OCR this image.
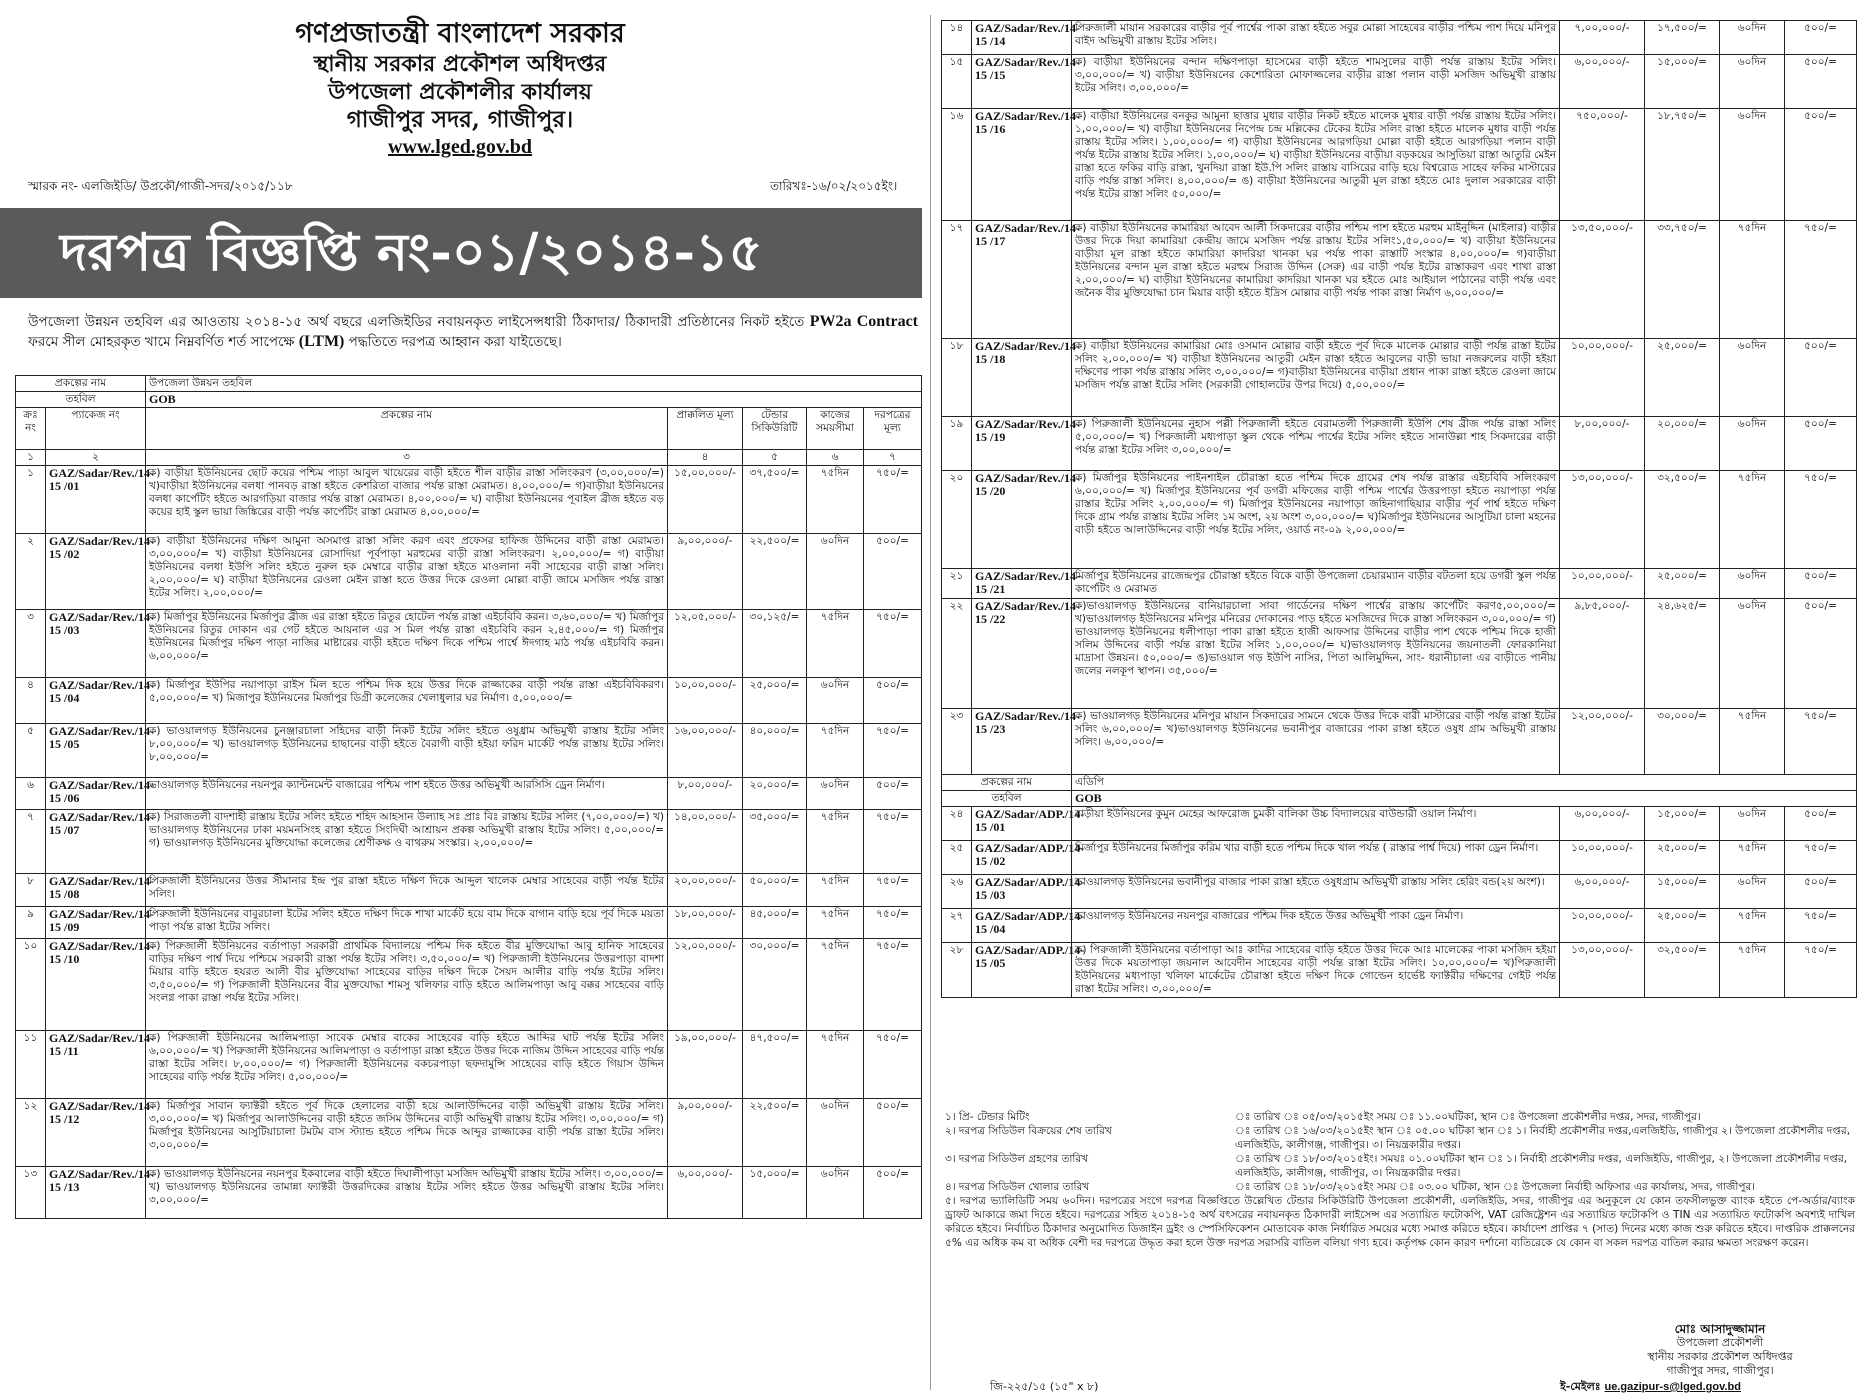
গণপ্রজাতন্ত্রী বাংলাদেশ সরকার
স্থানীয় সরকার প্রকৌশল অধিদপ্তর
উপজেলা প্রকৌশলীর কার্যালয়
গাজীপুর সদর, গাজীপুর।
www.lged.gov.bd
স্মারক নং- এলজিইডি/ উপ্রকৌ/গাজী-সদর/২০১৫/১১৮	তারিখঃ-১৬/০২/২০১৫ইং।
দরপত্র বিজ্ঞপ্তি নং-০১/২০১৪-১৫
উপজেলা উন্নয়ন তহবিল এর আওতায় ২০১৪-১৫ অর্থ বছরে এলজিইডির নবায়নকৃত লাইসেন্সধারী ঠিকাদার/ ঠিকাদারী প্রতিষ্ঠানের নিকট হইতে PW2a Contract ফরমে সীল মোহরকৃত খামে নিম্নবর্ণিত শর্ত সাপেক্ষে (LTM) পদ্ধতিতে দরপত্র আহ্বান করা যাইতেছে।
প্রকল্পের নাম		উপজেলা উন্নয়ন তহবিল				
তহবিল		GOB				
ক্রঃ নং	প্যাকেজ নং	প্রকল্পের নাম	প্রাক্কলিত মূল্য	টেন্ডার সিকিউরিটি	কাজের সময়সীমা	দরপত্রের মূল্য
১	২	৩	৪	৫	৬	৭
১	GAZ/Sadar/Rev./14-15 /01	ক) বাড়ীয়া ইউনিয়নের ছোট কয়ের পশ্চিম পাড়া আবুল খায়েরের বাড়ী হইতে শীল বাড়ীর রাস্তা সলিংকরণ (৩,০০,০০০/=) খ)বাড়ীয়া ইউনিয়নের বলধা পানবড় রাস্তা হইতে কেশরিতা বাজার পর্যন্ত রাস্তা মেরামত। ৪,০০,০০০/= গ)বাড়ীয়া ইউনিয়নের বলধা কার্পেটিং হইতে আরগড়িয়া বাজার পর্যন্ত রাস্তা মেরামত। ৪,০০,০০০/= ঘ) বাড়ীয়া ইউনিয়নের পূবাইল ব্রীজ হইতে বড় কয়ের হাই স্কুল ভায়া জিঙ্কিরের বাড়ী পর্যন্ত কার্পেটিং রাস্তা মেরামত ৪,০০,০০০/=	১৫,০০,০০০/-	৩৭,৫০০/=	৭৫দিন	৭৫০/=
২	GAZ/Sadar/Rev./14-15 /02	ক) বাড়ীয়া ইউনিয়নের দক্ষিণ আমুনা অসমাপ্ত রাস্তা সলিং করণ এবং প্রফেসর হাফিজ উদ্দিনের বাড়ী রাস্তা মেরামত। ৩,০০,০০০/= খ) বাড়ীয়া ইউনিয়নের রোসাদিয়া পূর্বপাড়া মরহুমের বাড়ী রাস্তা সলিংকরণ। ২,০০,০০০/= গ) বাড়ীয়া ইউনিয়নের বলধা ইউপি সলিং হইতে নুরুল হক মেম্বারে বাড়ীর রাস্তা হইতে মাওলানা নবী সাহেবের বাড়ী রাস্তা সলিং। ২,০০,০০০/= ঘ) বাড়ীয়া ইউনিয়নের রেওলা মেইন রাস্তা হতে উত্তর দিকে রেওলা মোল্লা বাড়ী জামে মসজিদ পর্যন্ত রাস্তা ইটের সলিং। ২,০০,০০০/=	৯,০০,০০০/-	২২,৫০০/=	৬০দিন	৫০০/=
৩	GAZ/Sadar/Rev./14-15 /03	ক) মির্জাপুর ইউনিয়নের মির্জাপুর ব্রীজ এর রাস্তা হইতে রিতুর হোটেল পর্যন্ত রাস্তা এইচবিবি করন। ৩,৬০,০০০/= খ) মির্জাপুর ইউনিয়নের রিতুর দোকান এর গেট হইতে আয়নাল এর স মিল পর্যন্ত রাস্তা এইচবিবি করন ২,৪৫,০০০/= গ) মির্জাপুর ইউনিয়নের মির্জাপুর দক্ষিণ পাড়া নাজির মাষ্টারের বাড়ী হইতে দক্ষিণ দিকে পশ্চিম পার্শ্বে ঈদগাহ মাঠ পর্যন্ত এইচবিবি করন। ৬,০০,০০০/=	১২,০৫,০০০/-	৩০,১২৫/=	৭৫দিন	৭৫০/=
৪	GAZ/Sadar/Rev./14-15 /04	ক) মির্জাপুর ইউপির নয়াপাড়া রাইস মিল হতে পশ্চিম দিক হয়ে উত্তর দিকে রাজ্জাকের বাড়ী পর্যন্ত রাস্তা এইচবিবিকরণ। ৫,০০,০০০/= খ) মিজাপুর ইউনিয়নের মির্জাপুর ডিগ্রী কলেজের খেলাধুলার ঘর নির্মাণ। ৫,০০,০০০/=	১০,০০,০০০/-	২৫,০০০/=	৬০দিন	৫০০/=
৫	GAZ/Sadar/Rev./14-15 /05	ক) ভাওয়ালগড় ইউনিয়নের চুনঞ্জারচালা সহিদের বাড়ী নিকট ইটের সলিং হইতে ওষুধ্রাম অভিমুখী রাস্তায় ইটের সলিং ৮,০০,০০০/= খ) ভাওয়ালগড় ইউনিয়নের হাছানের বাড়ী হইতে বৈরাগী বাড়ী হইয়া ফরিদ মার্কেট পর্যন্ত রাস্তায় ইটের সলিং। ৮,০০,০০০/=	১৬,০০,০০০/-	৪০,০০০/=	৭৫দিন	৭৫০/=
৬	GAZ/Sadar/Rev./14-15 /06	ভাওয়ালগড় ইউনিয়নের নয়নপুর ক্যান্টনমেন্ট বাজারের পশ্চিম পাশ হইতে উত্তর অভিমুখী আরসিসি ড্রেন নির্মাণ।	৮,০০,০০০/-	২০,০০০/=	৬০দিন	৫০০/=
৭	GAZ/Sadar/Rev./14-15 /07	ক) সিরাজতলী বাদশাহী রাস্তায় ইটের সলিং হইতে শহিদ আহসান উল্যাহ সঃ প্রাঃ বিঃ রাস্তায় ইটের সলিং (৭,০০,০০০/=) খ) ভাওয়ালগড় ইউনিয়নের ঢাকা ময়মনসিংহ রাস্তা হইতে সিংদিঘী আশ্রায়ন প্রকল্প অভিমুখী রাস্তায় ইটের সলিং। ৫,০০,০০০/= গ) ভাওয়ালগড় ইউনিয়নের মুক্তিযোদ্ধা কলেজের শ্রেণীকক্ষ ও বাথরুম সংস্কার। ২,০০,০০০/=	১৪,০০,০০০/-	৩৫,০০০/=	৭৫দিন	৭৫০/=
৮	GAZ/Sadar/Rev./14-15 /08	পিরুজালী ইউনিয়নের উত্তর সীমানার ইন্দ্র পুর রাস্তা হইতে দক্ষিণ দিকে আব্দুল খালেক মেম্বার সাহেবের বাড়ী পর্যন্ত ইটের সলিং।	২০,০০,০০০/-	৫০,০০০/=	৭৫দিন	৭৫০/=
৯	GAZ/Sadar/Rev./14-15 /09	পিরুজালী ইউনিয়নের বাবুরচালা ইটের সলিং হইতে দক্ষিণ দিকে শাখা মার্কেট হয়ে বাম দিকে বাগান বাড়ি হয়ে পূর্ব দিকে ময়তা পাড়া পর্যন্ত রাস্তা ইটের সলিং।	১৮,০০,০০০/-	৪৫,০০০/=	৭৫দিন	৭৫০/=
১০	GAZ/Sadar/Rev./14-15 /10	ক) পিরুজালী ইউনিয়নের বর্তাপাড়া সরকারী প্রাথমিক বিদ্যালয়ে পশ্চিম দিক হইতে বীর মুক্তিযোদ্ধা আবু হানিফ সাহেবের বাড়ির দক্ষিণ পার্শ্ব দিয়ে পশ্চিমে সরকারী রাস্তা পর্যন্ত ইটের সলিং। ৩,৫০,০০০/= খ) পিরুজালী ইউনিয়নের উত্তরপাড়া বাদশা মিয়ার বাড়ি হইতে হযরত আলী বীর মুক্তিযোদ্ধা সাহেবের বাড়ির দক্ষিণ দিকে সৈয়দ আলীর বাড়ি পর্যন্ত ইটের সলিং। ৩,৫০,০০০/= গ) পিরুজালী ইউনিয়নের বীর মুক্তযোদ্ধা শামসু খলিফার বাড়ি হইতে আলিমপাড়া আবু বক্কর সাহেবের বাড়ি সংলগ্ন পাকা রাস্তা পর্যন্ত ইটের সলিং।	১২,০০,০০০/-	৩০,০০০/=	৭৫দিন	৭৫০/=
১১	GAZ/Sadar/Rev./14-15 /11	ক) পিরুজালী ইউনিয়নের আলিমপাড়া সাবেক মেম্বার বাকের সাহেবের বাড়ি হইতে আব্দির ঘাট পর্যন্ত ইটের সলিং ৬,০০,০০০/= খ) পিরুজালী ইউনিয়নের আলিমপাড়া ও বর্তাপাড়া রাস্তা হইতে উত্তর দিকে নাজিম উদ্দিন সাহেবের বাড়ি পর্যন্ত রাস্তা ইটের সলিং। ৮,০০,০০০/= গ) পিরুজালী ইউনিয়নের বকচরপাড়া ছফদামুন্সি সাহেবের বাড়ি হইতে গিয়াস উদ্দিন সাহেবের বাড়ি পর্যন্ত ইটের সলিং। ৫,০০,০০০/=	১৯,০০,০০০/-	৪৭,৫০০/=	৭৫দিন	৭৫০/=
১২	GAZ/Sadar/Rev./14-15 /12	ক) মির্জাপুর সাবান ফ্যাক্টরী হইতে পূর্ব দিকে হেলালের বাড়ী হয়ে আলাউদ্দিনের বাড়ী অভিমুখী রাস্তায় ইটের সলিং। ৩,০০,০০০/= খ) মির্জাপুর আলাউদ্দিনের বাড়ী হইতে জসিম উদ্দিনের বাড়ী অভিমুখী রাস্তায় ইটের সলিং। ৩,০০,০০০/= গ) মির্জাপুর ইউনিয়নের আসুটিয়াচালা টমটম বাস স্ট্যান্ড হইতে পশ্চিম দিকে আব্দুর রাজ্জাকের বাড়ী পর্যন্ত রাস্তা ইটের সলিং। ৩,০০,০০০/=	৯,০০,০০০/-	২২,৫০০/=	৬০দিন	৫০০/=
১৩	GAZ/Sadar/Rev./14-15 /13	ক) ভাওয়ালগড় ইউনিয়নের নয়নপুর ইকবালের বাড়ী হইতে দিঘালীপাড়া মসজিদ অভিমুখী রাস্তায় ইটের সলিং। ৩,০০,০০০/= খ) ভাওয়ালগড় ইউনিয়নের তামান্না ফ্যাক্টরী উত্তরদিকের রাস্তায় ইটের সলিং হইতে উত্তর অভিমুখী রাস্তায় ইটের সলিং। ৩,০০,০০০/=	৬,০০,০০০/-	১৫,০০০/=	৬০দিন	৫০০/=
১৪	GAZ/Sadar/Rev./14-15 /14	পিরুজালী মায়ান সরকারের বাড়ীর পূর্ব পার্শ্বের পাকা রাস্তা হইতে সবুর মোল্লা সাহেবের বাড়ীর পশ্চিম পাশ দিয়ে মনিপুর বাইদ অভিমুখী রাস্তায় ইটের সলিং।	৭,০০,০০০/-	১৭,৫০০/=	৬০দিন	৫০০/=
১৫	GAZ/Sadar/Rev./14-15 /15	ক) বাড়ীয়া ইউনিয়নের বন্দান দক্ষিণপাড়া হাসেমের বাড়ী হইতে শামসুলের বাড়ী পর্যন্ত রাস্তায় ইটের সলিং। ৩,০০,০০০/= খ) বাড়ীয়া ইউনিয়নের কেশোরিতা মোফাজ্জলের বাড়ীর রাস্তা পলান বাড়ী মসজিদ অভিমুখী রাস্তায় ইটের সলিং। ৩,০০,০০০/=	৬,০০,০০০/-	১৫,০০০/=	৬০দিন	৫০০/=
১৬	GAZ/Sadar/Rev./14-15 /16	ক) বাড়ীয়া ইউনিয়নের বনকুর আমুনা ছাত্তার মুধার বাড়ীর নিকট হইতে মালেক মুধার বাড়ী পর্যন্ত রাস্তায় ইটের সলিং। ১,০০,০০০/= খ) বাড়ীয়া ইউনিয়নের নিপেন্দ্র চন্দ্র মল্লিকের টেকের ইটের সলিং রাস্তা হইতে মালেক মুধার বাড়ী পর্যন্ত রাস্তায় ইটের সলিং। ১,০০,০০০/= গ) বাড়ীয়া ইউনিয়নের আরগড়িয়া মোল্লা বাড়ী হইতে আরগড়িয়া পলান বাড়ী পর্যন্ত ইটের রাস্তায় ইটের সলিং। ১,০০,০০০/= ঘ) বাড়ীয়া ইউনিয়নের বাড়ীয়া বড়কয়ের আসুতিয়া রাস্তা আতুরি মেইন রাস্তা হতে ফকির বাড়ি রাস্তা, খুনদিয়া রাস্তা ইউ.পি সলিং রাস্তায় বাসিরের বাড়ি হয়ে বিশ্বরোড সাহেব ফকির মাস্টারের বাড়ি পর্যন্ত রাস্তা সলিং। ৪,০০,০০০/= ঙ) বাড়ীয়া ইউনিয়নের আতুরী মূল রাস্তা হইতে মোঃ দুলাল সরকারের বাড়ী পর্যন্ত ইটের রাস্তা সলিং ৫০,০০০/=	৭৫০,০০০/-	১৮,৭৫০/=	৬০দিন	৫০০/=
১৭	GAZ/Sadar/Rev./14-15 /17	ক) বাড়ীয়া ইউনিয়নের কামারিয়া আবেদ আলী সিকদারের বাড়ীর পশ্চিম পাশ হইতে মরহুম মাইনুদ্দিন (মাইলার) বাড়ীর উত্তর দিকে দিয়া কামারিয়া কেন্দ্রীয় জামে মসজিদ পর্যন্ত রাস্তায় ইটের সলিং১,৫০,০০০/= খ) বাড়ীয়া ইউনিয়নের বাড়ীয়া মূল রাস্তা হইতে কামারিয়া কাদরিয়া খানকা ঘর পর্যন্ত পাকা রাস্তাটি সংস্কার ৪,০০,০০০/= গ)বাড়ীয়া ইউনিয়নের বন্দান মূল রাস্তা হইতে মরহুম সিরাজ উদ্দিন (সেরু) এর বাড়ী পর্যন্ত ইটের রাস্তাকরণ এবং শাখা রাস্তা ২,০০,০০০/= ঘ) বাড়ীয়া ইউনিয়নের কামারিয়া কাদরিয়া খানকা ঘর হইতে মোঃ আইয়াল পাঠানের বাড়ী পর্যন্ত এবং জনৈক বীর মুক্তিযোদ্ধা চান মিয়ার বাড়ী হইতে ইদ্রিস মোল্লার বাড়ী পর্যন্ত পাকা রাস্তা নির্মাণ ৬,০০,০০০/=	১৩,৫০,০০০/-	৩৩,৭৫০/=	৭৫দিন	৭৫০/=
১৮	GAZ/Sadar/Rev./14-15 /18	ক) বাড়ীয়া ইউনিয়নের কামারিয়া মোঃ ওসমান মোল্লার বাড়ী হইতে পূর্ব দিকে মালেক মোল্লার বাড়ী পর্যন্ত রাস্তা ইটের সলিং ২,০০,০০০/= খ) বাড়ীয়া ইউনিয়নের আতুরী মেইন রাস্তা হইতে আবুলের বাড়ী ভায়া নজরুলের বাড়ী হইয়া দক্ষিণের পাকা পর্যন্ত রাস্তায় সলিং ৩,০০,০০০/= গ)বাড়ীয়া ইউনিয়নের বাড়ীয়া প্রধান পাকা রাস্তা হইতে রেওলা জামে মসজিদ পর্যন্ত রাস্তা ইটের সলিং (সরকারী গোহালটের উপর দিয়ে) ৫,০০,০০০/=	১০,০০,০০০/-	২৫,০০০/=	৬০দিন	৫০০/=
১৯	GAZ/Sadar/Rev./14-15 /19	ক) পিরুজালী ইউনিয়নের নুহাস পল্লী পিরুজালী হইতে বেরামতলী পিরুজালী ইউপি শেষ ব্রীজ পর্যন্ত রাস্তা সলিং ৫,০০,০০০/= খ) পিরুজালী মধ্যপাড়া স্কুল থেকে পশ্চিম পার্শ্বের ইটের সলিং হইতে সানাউল্লা শাহ সিকদারের বাড়ী পর্যন্ত রাস্তা ইটের সলিং ৩,০০,০০০/=	৮,০০,০০০/-	২০,০০০/=	৬০দিন	৫০০/=
২০	GAZ/Sadar/Rev./14-15 /20	ক) মির্জাপুর ইউনিয়নের পাইনশাইল চৌরাস্তা হতে পশ্চিম দিকে গ্রামের শেষ পর্যন্ত রাস্তার এইচবিবি সলিংকরণ ৬,০০,০০০/= খ) মির্জাপুর ইউনিয়নের পূর্ব ডগরী মফিজের বাড়ী পশ্চিম পার্শ্বের উত্তরপাড়া হইতে নয়াপাড়া পর্যন্ত রাস্তার ইটের সলিং ২,০০,০০০/= গ) মির্জাপুর ইউনিয়নের নয়াপাড়া জহিনাগাছিয়ার বাড়ীর পূর্ব পার্শ্ব হইতে দক্ষিণ দিকে গ্রাম পর্যন্ত রাস্তায় ইটের সলিং ১ম অংশ, ২য় অংশ ৩,০০,০০০/= ঘ)মির্জাপুর ইউনিয়নের আসুটিয়া চালা মহনের বাড়ী হইতে আলাউদ্দিনের বাড়ী পর্যন্ত ইটের সলিং, ওয়ার্ড নং-০৯ ২,০০,০০০/=	১৩,০০,০০০/-	৩২,৫০০/=	৭৫দিন	৭৫০/=
২১	GAZ/Sadar/Rev./14-15 /21	মির্জাপুর ইউনিয়নের রাজেন্দ্রপুর চৌরাস্তা হইতে বিকে বাড়ী উপজেলা চেয়ারম্যান বাড়ীর বটতলা হয়ে ডগরী স্কুল পর্যন্ত কার্পেটিং ও মেরামত	১০,০০,০০০/-	২৫,০০০/=	৬০দিন	৫০০/=
২২	GAZ/Sadar/Rev./14-15 /22	ক)ভাওয়ালগড় ইউনিয়নের বানিয়ারচালা সাবা গার্ডেনের দক্ষিণ পার্শ্বের রাস্তায় কার্পেটিং করণ৫,০০,০০০/= খ)ভাওয়ালগড় ইউনিয়নের মনিপুর মনিরের দোকানের পাড় হইতে মসজিদের দিকে রাস্তা সলিংকরন ৩,০০,০০০/= গ) ভাওয়ালগড় ইউনিয়নের ধলীপাড়া পাকা রাস্তা হইতে হাজী আফসার উদ্দিনের বাড়ীর পাশ থেকে পশ্চিম দিকে হাজী সলিম উদ্দিনের বাড়ী পর্যন্ত রাস্তা ইটের সলিং ১,০০,০০০/= ঘ)ভাওয়ালগড় ইউনিয়নের জয়নাতলী ফোরকানিয়া মাদ্রাসা উন্নয়ন। ৫০,০০০/= ঙ)ভাওয়াল গড় ইউপি নাসির, পিতা আলিমুদ্দিন, সাং- ধরানীচালা এর বাড়ীতে পানীয় জলের নলকূপ স্থাপন। ৩৫,০০০/=	৯,৮৫,০০০/-	২৪,৬২৫/=	৬০দিন	৫০০/=
২৩	GAZ/Sadar/Rev./14-15 /23	ক) ভাওয়ালগড় ইউনিয়নের মনিপুর মায়ান সিকদারের সামনে থেকে উত্তর দিকে বারী মাস্টারের বাড়ী পর্যন্ত রাস্তা ইটের সলিং ৬,০০,০০০/= খ)ভাওয়ালগড় ইউনিয়নের ভবানীপুর বাজারের পাকা রাস্তা হইতে ওষুধ গ্রাম অভিমুখী রাস্তায় সলিং। ৬,০০,০০০/=	১২,০০,০০০/-	৩০,০০০/=	৭৫দিন	৭৫০/=
প্রকল্পের নাম		এডিপি				
তহবিল		GOB				
২৪	GAZ/Sadar/ADP./14-15 /01	বাড়ীয়া ইউনিয়নের কুমুন মেহের আফরোজ চুমকী বালিকা উচ্চ বিদ্যালয়ের বাউন্ডারী ওয়াল নির্মাণ।	৬,০০,০০০/-	১৫,০০০/=	৬০দিন	৫০০/=
২৫	GAZ/Sadar/ADP./14-15 /02	মির্জাপুর ইউনিয়নের মির্জাপুর করিম খার বাড়ী হতে পশ্চিম দিকে খাল পর্যন্ত ( রাস্তার পার্শ্ব দিয়ে) পাকা ড্রেন নির্মাণ।	১০,০০,০০০/-	২৫,০০০/=	৭৫দিন	৭৫০/=
২৬	GAZ/Sadar/ADP./14-15 /03	ভাওয়ালগড় ইউনিয়নের ভবানীপুর বাজার পাকা রাস্তা হইতে ওষুধগ্রাম অভিমুখী রাস্তায় সলিং হেরিং বন্ড(২য় অংশ)।	৬,০০,০০০/-	১৫,০০০/=	৬০দিন	৫০০/=
২৭	GAZ/Sadar/ADP./14-15 /04	ভাওয়ালগড় ইউনিয়নের নয়নপুর বাজারের পশ্চিম দিক হইতে উত্তর অভিমুখী পাকা ড্রেন নির্মাণ।	১০,০০,০০০/-	২৫,০০০/=	৭৫দিন	৭৫০/=
২৮	GAZ/Sadar/ADP./14-15 /05	ক) পিরুজালী ইউনিয়নের বর্তাপাড়া আঃ কাদির সাহেবের বাড়ি হইতে উত্তর দিকে আঃ মালেকের পাকা মসজিদ হইয়া উত্তর দিকে ময়তাপাড়া জয়নাল আবেদীন সাহেবের বাড়ী পর্যন্ত রাস্তা ইটের সলিং। ১০,০০,০০০/= খ)পিরুজালী ইউনিয়নের মধ্যপাড়া খলিফা মার্কেটের চৌরাস্তা হইতে দক্ষিণ দিকে গোল্ডেন হার্ভেষ্ট ফ্যাক্টরীর দক্ষিণের গেইট পর্যন্ত রাস্তা ইটের সলিং। ৩,০০,০০০/=	১৩,০০,০০০/-	৩২,৫০০/=	৭৫দিন	৭৫০/=
১। প্রি- টেন্ডার মিটিং	ঃ তারিখ ঃ ০৫/০৩/২০১৫ইং সময় ঃ ১১.০০ঘটিকা, স্থান ঃ উপজেলা প্রকৌশলীর দপ্তর, সদর, গাজীপুর।
২। দরপত্র সিডিউল বিক্রয়ের শেষ তারিখ	ঃ তারিখ ঃ ১৬/০৩/২০১৫ইং স্থান ঃ ০৫.০০ ঘটিকা স্থান ঃ ১। নির্বাহী প্রকৌশলীর দপ্তর,এলজিইডি, গাজীপুর ২। উপজেলা প্রকৌশলীর দপ্তর, এলজিইডি, কালীগঞ্জ, গাজীপুর। ৩। নিয়ন্ত্রকারীর দপ্তর।
৩। দরপত্র সিডিউল গ্রহণের তারিখ	ঃ তারিখ ঃ ১৮/০৩/২০১৫ইং। সময়ঃ ০১.০০ঘটিকা স্থান ঃ ১। নির্বাহী প্রকৌশলীর দপ্তর, এলজিইডি, গাজীপুর, ২। উপজেলা প্রকৌশলীর দপ্তর, এলজিইডি, কালীগঞ্জ, গাজীপুর, ৩। নিয়ন্ত্রকারীর দপ্তর।
৪। দরপত্র সিডিউল খোলার তারিখ	ঃ তারিখ ঃ ১৮/০৩/২০১৫ইং সময় ঃ ০৩.০০ ঘটিকা, স্থান ঃ উপজেলা নির্বাহী অফিসার এর কার্যালয়, সদর, গাজীপুর।
৫। দরপত্র ভ্যালিডিটি সময় ৬০দিন। দরপত্রের সংগে দরপত্র বিজ্ঞপ্তিতে উল্লেখিত টেন্ডার সিকিউরিটি উপজেলা প্রকৌশলী, এলজিইডি, সদর, গাজীপুর এর অনুকূলে যে কোন তফসীলভুক্ত ব্যাংক হইতে পে-অর্ডার/ব্যাংক ড্রাফট আকারে জমা দিতে হইবে। দরপত্রের সহিত ২০১৪-১৫ অর্থ বৎসরের নবায়নকৃত ঠিকাদারী লাইসেন্স এর সত্যায়িত ফটোকপি, VAT রেজিষ্ট্রেশন এর সত্যায়িত ফটোকপি ও TIN এর সত্যায়িত ফটোকপি অবশ্যই দাখিল করিতে হইবে। নির্বাচিত ঠিকাদার অনুমোদিত ডিজাইন ড্রইং ও স্পেসিফিকেশন মোতাবেক কাজ নির্ধারিত সময়ের মধ্যে সমাপ্ত করিতে হইবে। কার্যাদেশ প্রাপ্তির ৭ (সাত) দিনের মধ্যে কাজ শুরু করিতে হইবে। দাপ্তরিক প্রাক্কলনের ৫% এর অধিক কম বা অধিক বেশী দর দরপত্রে উদ্ধৃত করা হলে উক্ত দরপত্র সরাসরি বাতিল বলিয়া গণ্য হবে। কর্তৃপক্ষ কোন কারণ দর্শানো ব্যতিরেকে যে কোন বা সকল দরপত্র বাতিল করার ক্ষমতা সংরক্ষণ করেন।
মোঃ আসাদুজ্জামান
উপজেলা প্রকৌশলী
স্থানীয় সরকার প্রকৌশল অধিদপ্তর
গাজীপুর সদর, গাজীপুর।
জি-২২৫/১৫ (১৫" x ৮)	ই-মেইলঃ ue.gazipur-s@lged.gov.bd
